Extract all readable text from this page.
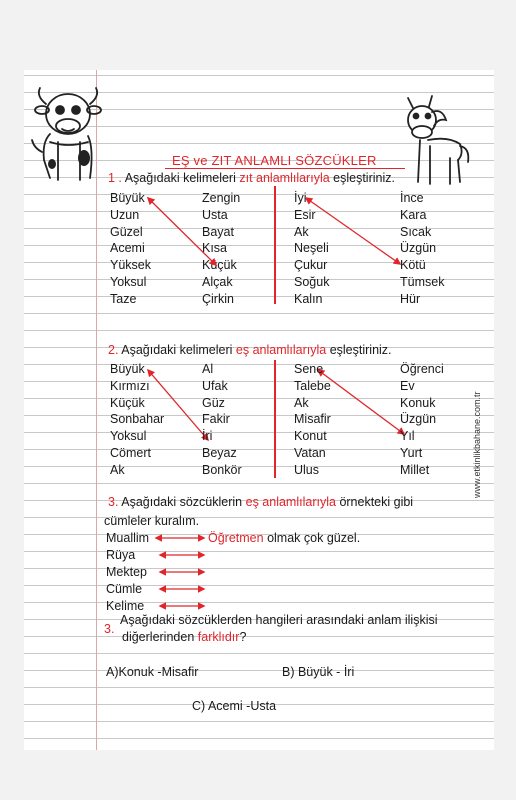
EŞ ve ZIT ANLAMLI SÖZCÜKLER
1 . Aşağıdaki kelimeleri zıt anlamlılarıyla eşleştiriniz.
Büyük
Uzun
Güzel
Acemi
Yüksek
Yoksul
Taze
Zengin
Usta
Bayat
Kısa
Küçük
Alçak
Çirkin
İyi
Esir
Ak
Neşeli
Çukur
Soğuk
Kalın
İnce
Kara
Sıcak
Üzgün
Kötü
Tümsek
Hür
2. Aşağıdaki kelimeleri eş anlamlılarıyla eşleştiriniz.
Büyük
Kırmızı
Küçük
Sonbahar
Yoksul
Cömert
Ak
Al
Ufak
Güz
Fakir
İri
Beyaz
Bonkör
Sene
Talebe
Ak
Misafir
Konut
Vatan
Ulus
Öğrenci
Ev
Konuk
Üzgün
Yıl
Yurt
Millet
3. Aşağıdaki sözcüklerin eş anlamlılarıyla örnekteki gibi
cümleler kuralım.
Muallim	Öğretmen olmak çok güzel.
Rüya
Mektep
Cümle
Kelime
3.
Aşağıdaki sözcüklerden hangileri arasındaki anlam ilişkisi
diğerlerinden farklıdır?
A)Konuk -Misafir	B) Büyük - İri
C) Acemi -Usta
www.etkinlikbahane.com.tr
